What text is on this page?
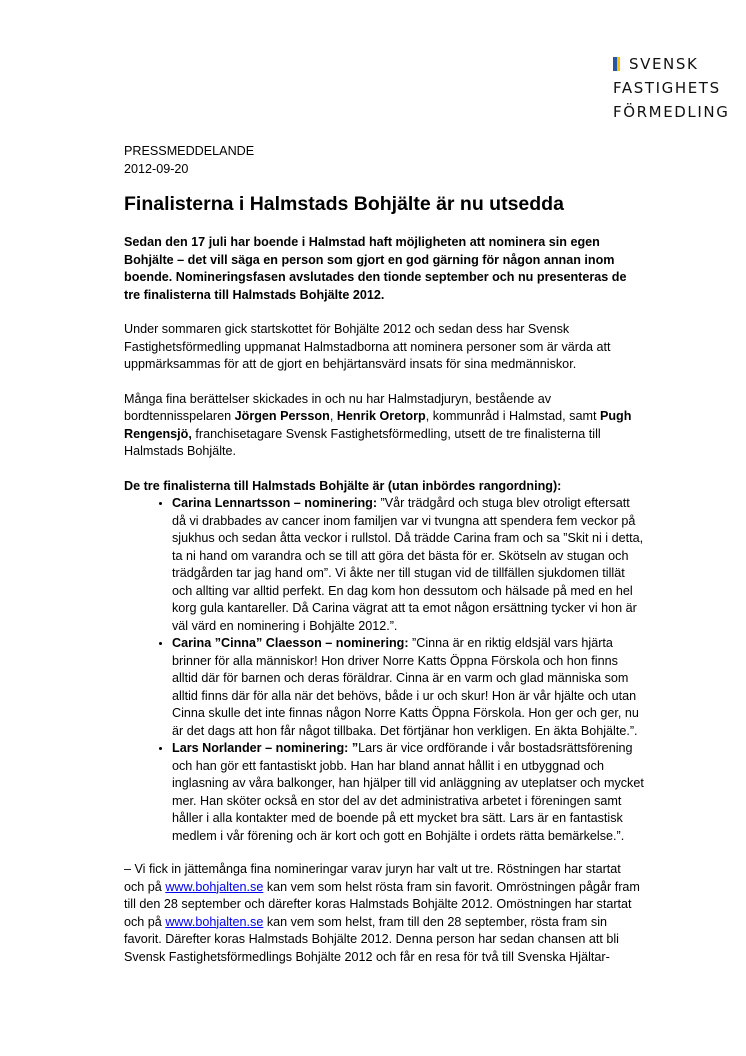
SVENSK
FASTIGHETS
FÖRMEDLING
PRESSMEDDELANDE
2012-09-20
Finalisterna i Halmstads Bohjälte är nu utsedda

Sedan den 17 juli har boende i Halmstad haft möjligheten att nominera sin egen Bohjälte – det vill säga en person som gjort en god gärning för någon annan inom boende. Nomineringsfasen avslutades den tionde september och nu presenteras de tre finalisterna till Halmstads Bohjälte 2012.

Under sommaren gick startskottet för Bohjälte 2012 och sedan dess har Svensk Fastighetsförmedling uppmanat Halmstadborna att nominera personer som är värda att uppmärksammas för att de gjort en behjärtansvärd insats för sina medmänniskor.

Många fina berättelser skickades in och nu har Halmstadjuryn, bestående av bordtennisspelaren Jörgen Persson, Henrik Oretorp, kommunråd i Halmstad, samt Pugh Rengensjö, franchisetagare Svensk Fastighetsförmedling, utsett de tre finalisterna till Halmstads Bohjälte.

De tre finalisterna till Halmstads Bohjälte är (utan inbördes rangordning):
• Carina Lennartsson – nominering: ”Vår trädgård och stuga blev otroligt eftersatt då vi drabbades av cancer inom familjen var vi tvungna att spendera fem veckor på sjukhus och sedan åtta veckor i rullstol. Då trädde Carina fram och sa ”Skit ni i detta, ta ni hand om varandra och se till att göra det bästa för er. Skötseln av stugan och trädgården tar jag hand om”. Vi åkte ner till stugan vid de tillfällen sjukdomen tillät och allting var alltid perfekt. En dag kom hon dessutom och hälsade på med en hel korg gula kantareller. Då Carina vägrat att ta emot någon ersättning tycker vi hon är väl värd en nominering i Bohjälte 2012.”.
• Carina ”Cinna” Claesson – nominering: ”Cinna är en riktig eldsjäl vars hjärta brinner för alla människor! Hon driver Norre Katts Öppna Förskola och hon finns alltid där för barnen och deras föräldrar. Cinna är en varm och glad människa som alltid finns där för alla när det behövs, både i ur och skur! Hon är vår hjälte och utan Cinna skulle det inte finnas någon Norre Katts Öppna Förskola. Hon ger och ger, nu är det dags att hon får något tillbaka. Det förtjänar hon verkligen. En äkta Bohjälte.”.
• Lars Norlander – nominering: ”Lars är vice ordförande i vår bostadsrättsförening och han gör ett fantastiskt jobb. Han har bland annat hållit i en utbyggnad och inglasning av våra balkonger, han hjälper till vid anläggning av uteplatser och mycket mer. Han sköter också en stor del av det administrativa arbetet i föreningen samt håller i alla kontakter med de boende på ett mycket bra sätt. Lars är en fantastisk medlem i vår förening och är kort och gott en Bohjälte i ordets rätta bemärkelse.”.

– Vi fick in jättemånga fina nomineringar varav juryn har valt ut tre. Röstningen har startat och på www.bohjalten.se kan vem som helst rösta fram sin favorit. Omröstningen pågår fram till den 28 september och därefter koras Halmstads Bohjälte 2012. Omöstningen har startat och på www.bohjalten.se kan vem som helst, fram till den 28 september, rösta fram sin favorit. Därefter koras Halmstads Bohjälte 2012. Denna person har sedan chansen att bli Svensk Fastighetsförmedlings Bohjälte 2012 och får en resa för två till Svenska Hjältar-
